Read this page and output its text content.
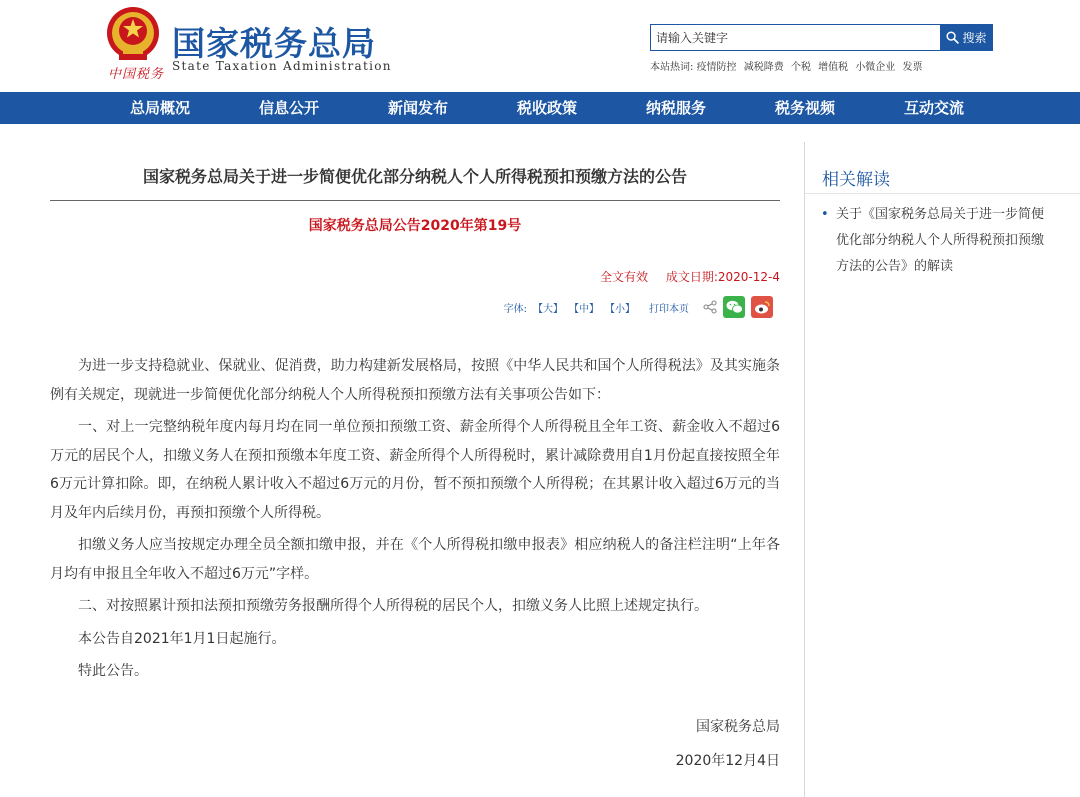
中国税务
国家税务总局
State Taxation Administration
请输入关键字
搜索
本站热词: 疫情防控 减税降费 个税 增值税 小微企业 发票
总局概况	信息公开	新闻发布	税收政策	纳税服务	税务视频	互动交流
国家税务总局关于进一步简便优化部分纳税人个人所得税预扣预缴方法的公告
国家税务总局公告2020年第19号
全文有效 成文日期:2020-12-4
字体: 【大】 【中】 【小】 打印本页

为进一步支持稳就业、保就业、促消费，助力构建新发展格局，按照《中华人民共和国个人所得税法》及其实施条例有关规定，现就进一步简便优化部分纳税人个人所得税预扣预缴方法有关事项公告如下：

一、对上一完整纳税年度内每月均在同一单位预扣预缴工资、薪金所得个人所得税且全年工资、薪金收入不超过6万元的居民个人，扣缴义务人在预扣预缴本年度工资、薪金所得个人所得税时，累计减除费用自1月份起直接按照全年6万元计算扣除。即，在纳税人累计收入不超过6万元的月份，暂不预扣预缴个人所得税；在其累计收入超过6万元的当月及年内后续月份，再预扣预缴个人所得税。

扣缴义务人应当按规定办理全员全额扣缴申报，并在《个人所得税扣缴申报表》相应纳税人的备注栏注明“上年各月均有申报且全年收入不超过6万元”字样。

二、对按照累计预扣法预扣预缴劳务报酬所得个人所得税的居民个人，扣缴义务人比照上述规定执行。

本公告自2021年1月1日起施行。

特此公告。

国家税务总局
2020年12月4日
相关解读
• 关于《国家税务总局关于进一步简便优化部分纳税人个人所得税预扣预缴方法的公告》的解读
